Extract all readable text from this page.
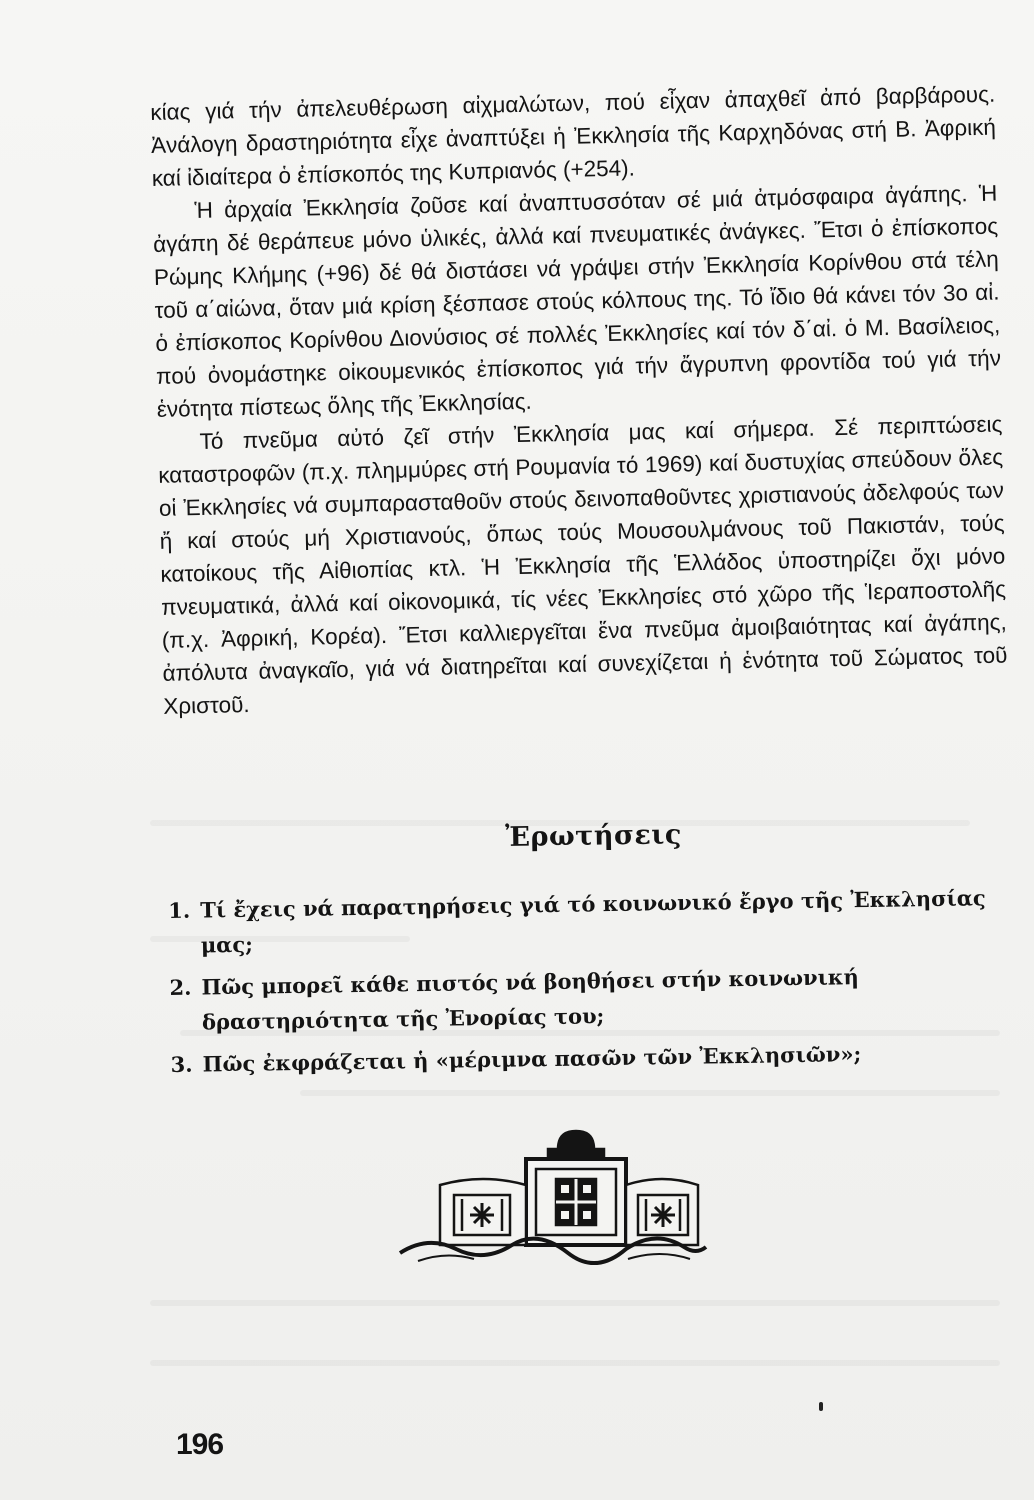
κίας γιά τήν ἀπελευθέρωση αἰχμαλώτων, πού εἶχαν ἀπαχθεῖ ἀπό βαρβάρους. Ἀνάλογη δραστηριότητα εἶχε ἀναπτύξει ἡ Ἐκκλησία τῆς Καρχηδόνας στή Β. Ἀφρική καί ἰδιαίτερα ὁ ἐπίσκοπός της Κυπριανός (+254).

Ἡ ἀρχαία Ἐκκλησία ζοῦσε καί ἀναπτυσσόταν σέ μιά ἀτμόσφαιρα ἀγάπης. Ἡ ἀγάπη δέ θεράπευε μόνο ὑλικές, ἀλλά καί πνευματικές ἀνάγκες. Ἔτσι ὁ ἐπίσκοπος Ρώμης Κλήμης (+96) δέ θά διστάσει νά γράψει στήν Ἐκκλησία Κορίνθου στά τέλη τοῦ α΄αἰώνα, ὅταν μιά κρίση ξέσπασε στούς κόλπους της. Τό ἴδιο θά κάνει τόν 3ο αἰ. ὁ ἐπίσκοπος Κορίνθου Διονύσιος σέ πολλές Ἐκκλησίες καί τόν δ΄αἰ. ὁ Μ. Βασίλειος, πού ὀνομάστηκε οἰκουμενικός ἐπίσκοπος γιά τήν ἄγρυπνη φροντίδα τού γιά τήν ἑνότητα πίστεως ὅλης τῆς Ἐκκλησίας.

Τό πνεῦμα αὐτό ζεῖ στήν Ἐκκλησία μας καί σήμερα. Σέ περιπτώσεις καταστροφῶν (π.χ. πλημμύρες στή Ρουμανία τό 1969) καί δυστυχίας σπεύδουν ὅλες οἱ Ἐκκλησίες νά συμπαρασταθοῦν στούς δεινοπαθοῦντες χριστιανούς ἀδελφούς των ἤ καί στούς μή Χριστιανούς, ὅπως τούς Μουσουλμάνους τοῦ Πακιστάν, τούς κατοίκους τῆς Αἰθιοπίας κτλ. Ἡ Ἐκκλησία τῆς Ἑλλάδος ὑποστηρίζει ὄχι μόνο πνευματικά, ἀλλά καί οἰκονομικά, τίς νέες Ἐκκλησίες στό χῶρο τῆς Ἱεραποστολῆς (π.χ. Ἀφρική, Κορέα). Ἔτσι καλλιεργεῖται ἕνα πνεῦμα ἀμοιβαιότητας καί ἀγάπης, ἀπόλυτα ἀναγκαῖο, γιά νά διατηρεῖται καί συνεχίζεται ἡ ἑνότητα τοῦ Σώματος τοῦ Χριστοῦ.

Ἐρωτήσεις
1. Τί ἔχεις νά παρατηρήσεις γιά τό κοινωνικό ἔργο τῆς Ἐκκλησίας μας;
2. Πῶς μπορεῖ κάθε πιστός νά βοηθήσει στήν κοινωνική δραστηριότητα τῆς Ἐνορίας του;
3. Πῶς ἐκφράζεται ἡ «μέριμνα πασῶν τῶν Ἐκκλησιῶν»;
196
